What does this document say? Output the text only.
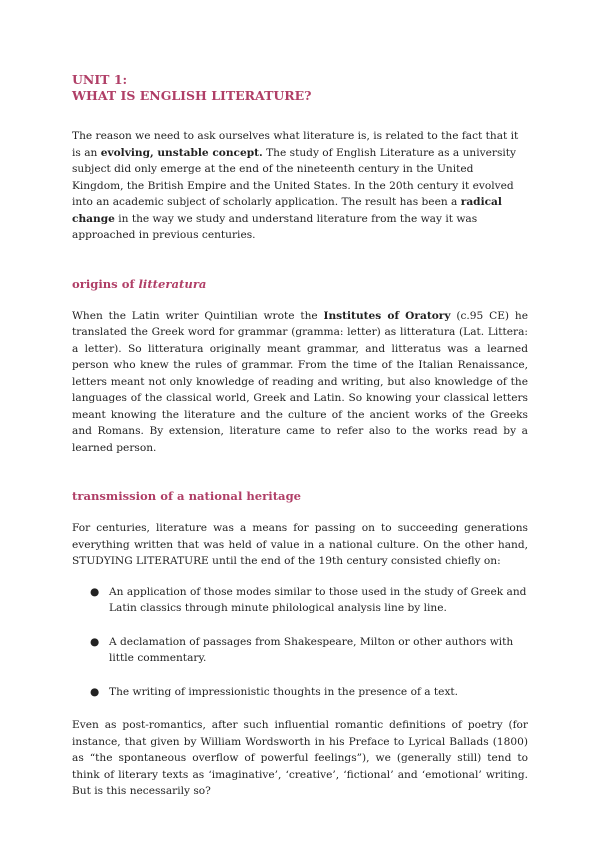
UNIT 1:
WHAT IS ENGLISH LITERATURE?

The reason we need to ask ourselves what literature is, is related to the fact that it is an evolving, unstable concept. The study of English Literature as a university subject did only emerge at the end of the nineteenth century in the United Kingdom, the British Empire and the United States. In the 20th century it evolved into an academic subject of scholarly application. The result has been a radical change in the way we study and understand literature from the way it was approached in previous centuries.

origins of litteratura

When the Latin writer Quintilian wrote the Institutes of Oratory (c.95 CE) he translated the Greek word for grammar (gramma: letter) as litteratura (Lat. Littera: a letter). So litteratura originally meant grammar, and litteratus was a learned person who knew the rules of grammar. From the time of the Italian Renaissance, letters meant not only knowledge of reading and writing, but also knowledge of the languages of the classical world, Greek and Latin. So knowing your classical letters meant knowing the literature and the culture of the ancient works of the Greeks and Romans. By extension, literature came to refer also to the works read by a learned person.

transmission of a national heritage

For centuries, literature was a means for passing on to succeeding generations everything written that was held of value in a national culture. On the other hand, STUDYING LITERATURE until the end of the 19th century consisted chiefly on:

● An application of those modes similar to those used in the study of Greek and Latin classics through minute philological analysis line by line.
● A declamation of passages from Shakespeare, Milton or other authors with little commentary.
● The writing of impressionistic thoughts in the presence of a text.

Even as post-romantics, after such influential romantic definitions of poetry (for instance, that given by William Wordsworth in his Preface to Lyrical Ballads (1800) as “the spontaneous overflow of powerful feelings”), we (generally still) tend to think of literary texts as ‘imaginative’, ‘creative’, ‘fictional’ and ‘emotional’ writing. But is this necessarily so?
